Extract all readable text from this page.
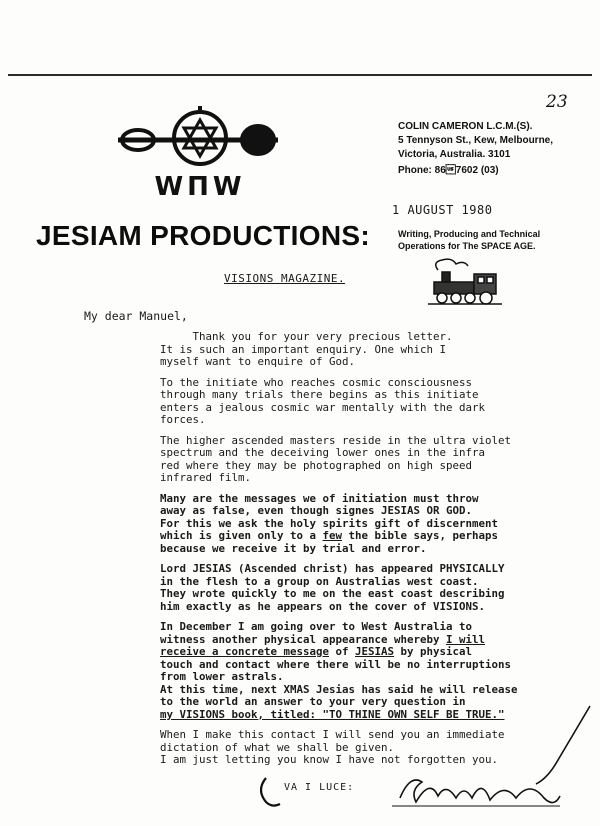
23
WПW
COLIN CAMERON L.C.M.(S).
5 Tennyson St., Kew, Melbourne,
Victoria, Australia. 3101
Phone: 867602 (03)
1 AUGUST 1980
JESIAM PRODUCTIONS:	Writing, Producing and Technical
Operations for The SPACE AGE.
VISIONS MAGAZINE.
My dear Manuel,

Thank you for your very precious letter.
It is such an important enquiry. One which I
myself want to enquire of God.

To the initiate who reaches cosmic consciousness
through many trials there begins as this initiate
enters a jealous cosmic war mentally with the dark
forces.

The higher ascended masters reside in the ultra violet
spectrum and the deceiving lower ones in the infra
red where they may be photographed on high speed
infrared film.

Many are the messages we of initiation must throw
away as false, even though signes JESIAS OR GOD.
For this we ask the holy spirits gift of discernment
which is given only to a few the bible says, perhaps
because we receive it by trial and error.

Lord JESIAS (Ascended christ) has appeared PHYSICALLY
in the flesh to a group on Australias west coast.
They wrote quickly to me on the east coast describing
him exactly as he appears on the cover of VISIONS.

In December I am going over to West Australia to
witness another physical appearance whereby I will
receive a concrete message of JESIAS by physical
touch and contact where there will be no interruptions
from lower astrals.

At this time, next XMAS Jesias has said he will release
to the world an answer to your very question in
my VISIONS book, titled: "TO THINE OWN SELF BE TRUE."

When I make this contact I will send you an immediate
dictation of what we shall be given.
I am just letting you know I have not forgotten you.

VA I LUCE:
